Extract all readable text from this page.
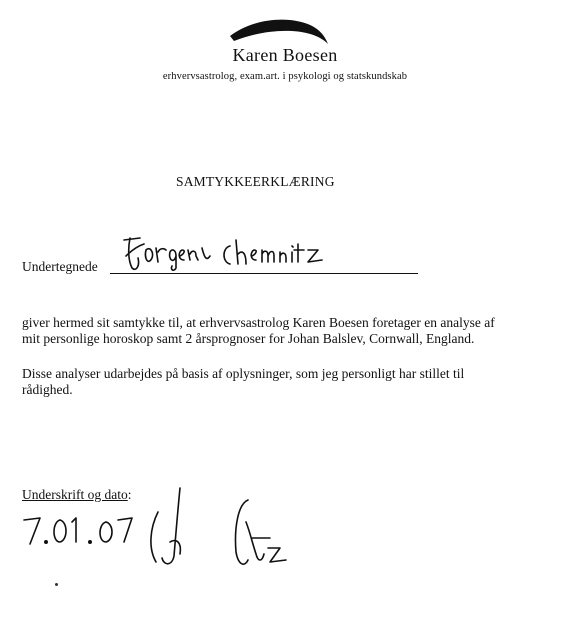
Karen Boesen
erhvervsastrolog, exam.art. i psykologi og statskundskab
SAMTYKKEERKLÆRING
Undertegnede
giver hermed sit samtykke til, at erhvervsastrolog Karen Boesen foretager en analyse af
mit personlige horoskop samt 2 årsprognoser for Johan Balslev, Cornwall, England.
Disse analyser udarbejdes på basis af oplysninger, som jeg personligt har stillet til
rådighed.
Underskrift og dato:
